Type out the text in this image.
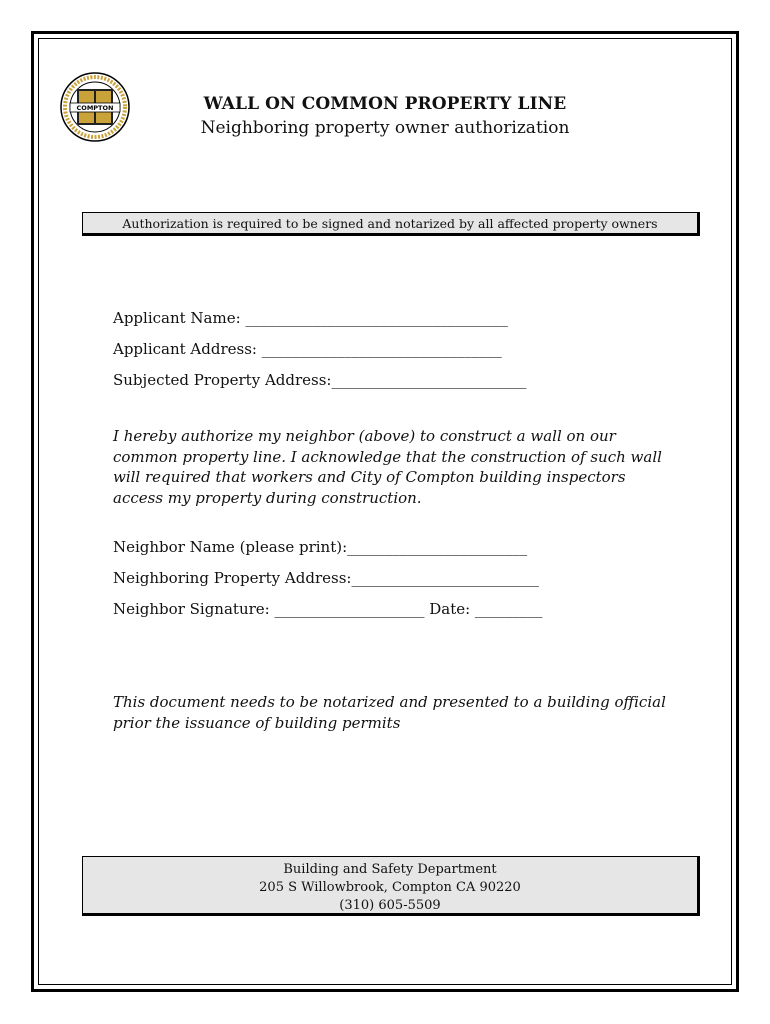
COMPTON	WALL ON COMMON PROPERTY LINE
Neighboring property owner authorization
Authorization is required to be signed and notarized by all affected property owners
Applicant Name: ___________________________________
Applicant Address: ________________________________
Subjected Property Address:__________________________
I hereby authorize my neighbor (above) to construct a wall on our common property line. I acknowledge that the construction of such wall will required that workers and City of Compton building inspectors access my property during construction.
Neighbor Name (please print):________________________
Neighboring Property Address:_________________________
Neighbor Signature: ____________________ Date: _________
This document needs to be notarized and presented to a building official prior the issuance of building permits
Building and Safety Department
205 S Willowbrook, Compton CA 90220
(310) 605-5509
